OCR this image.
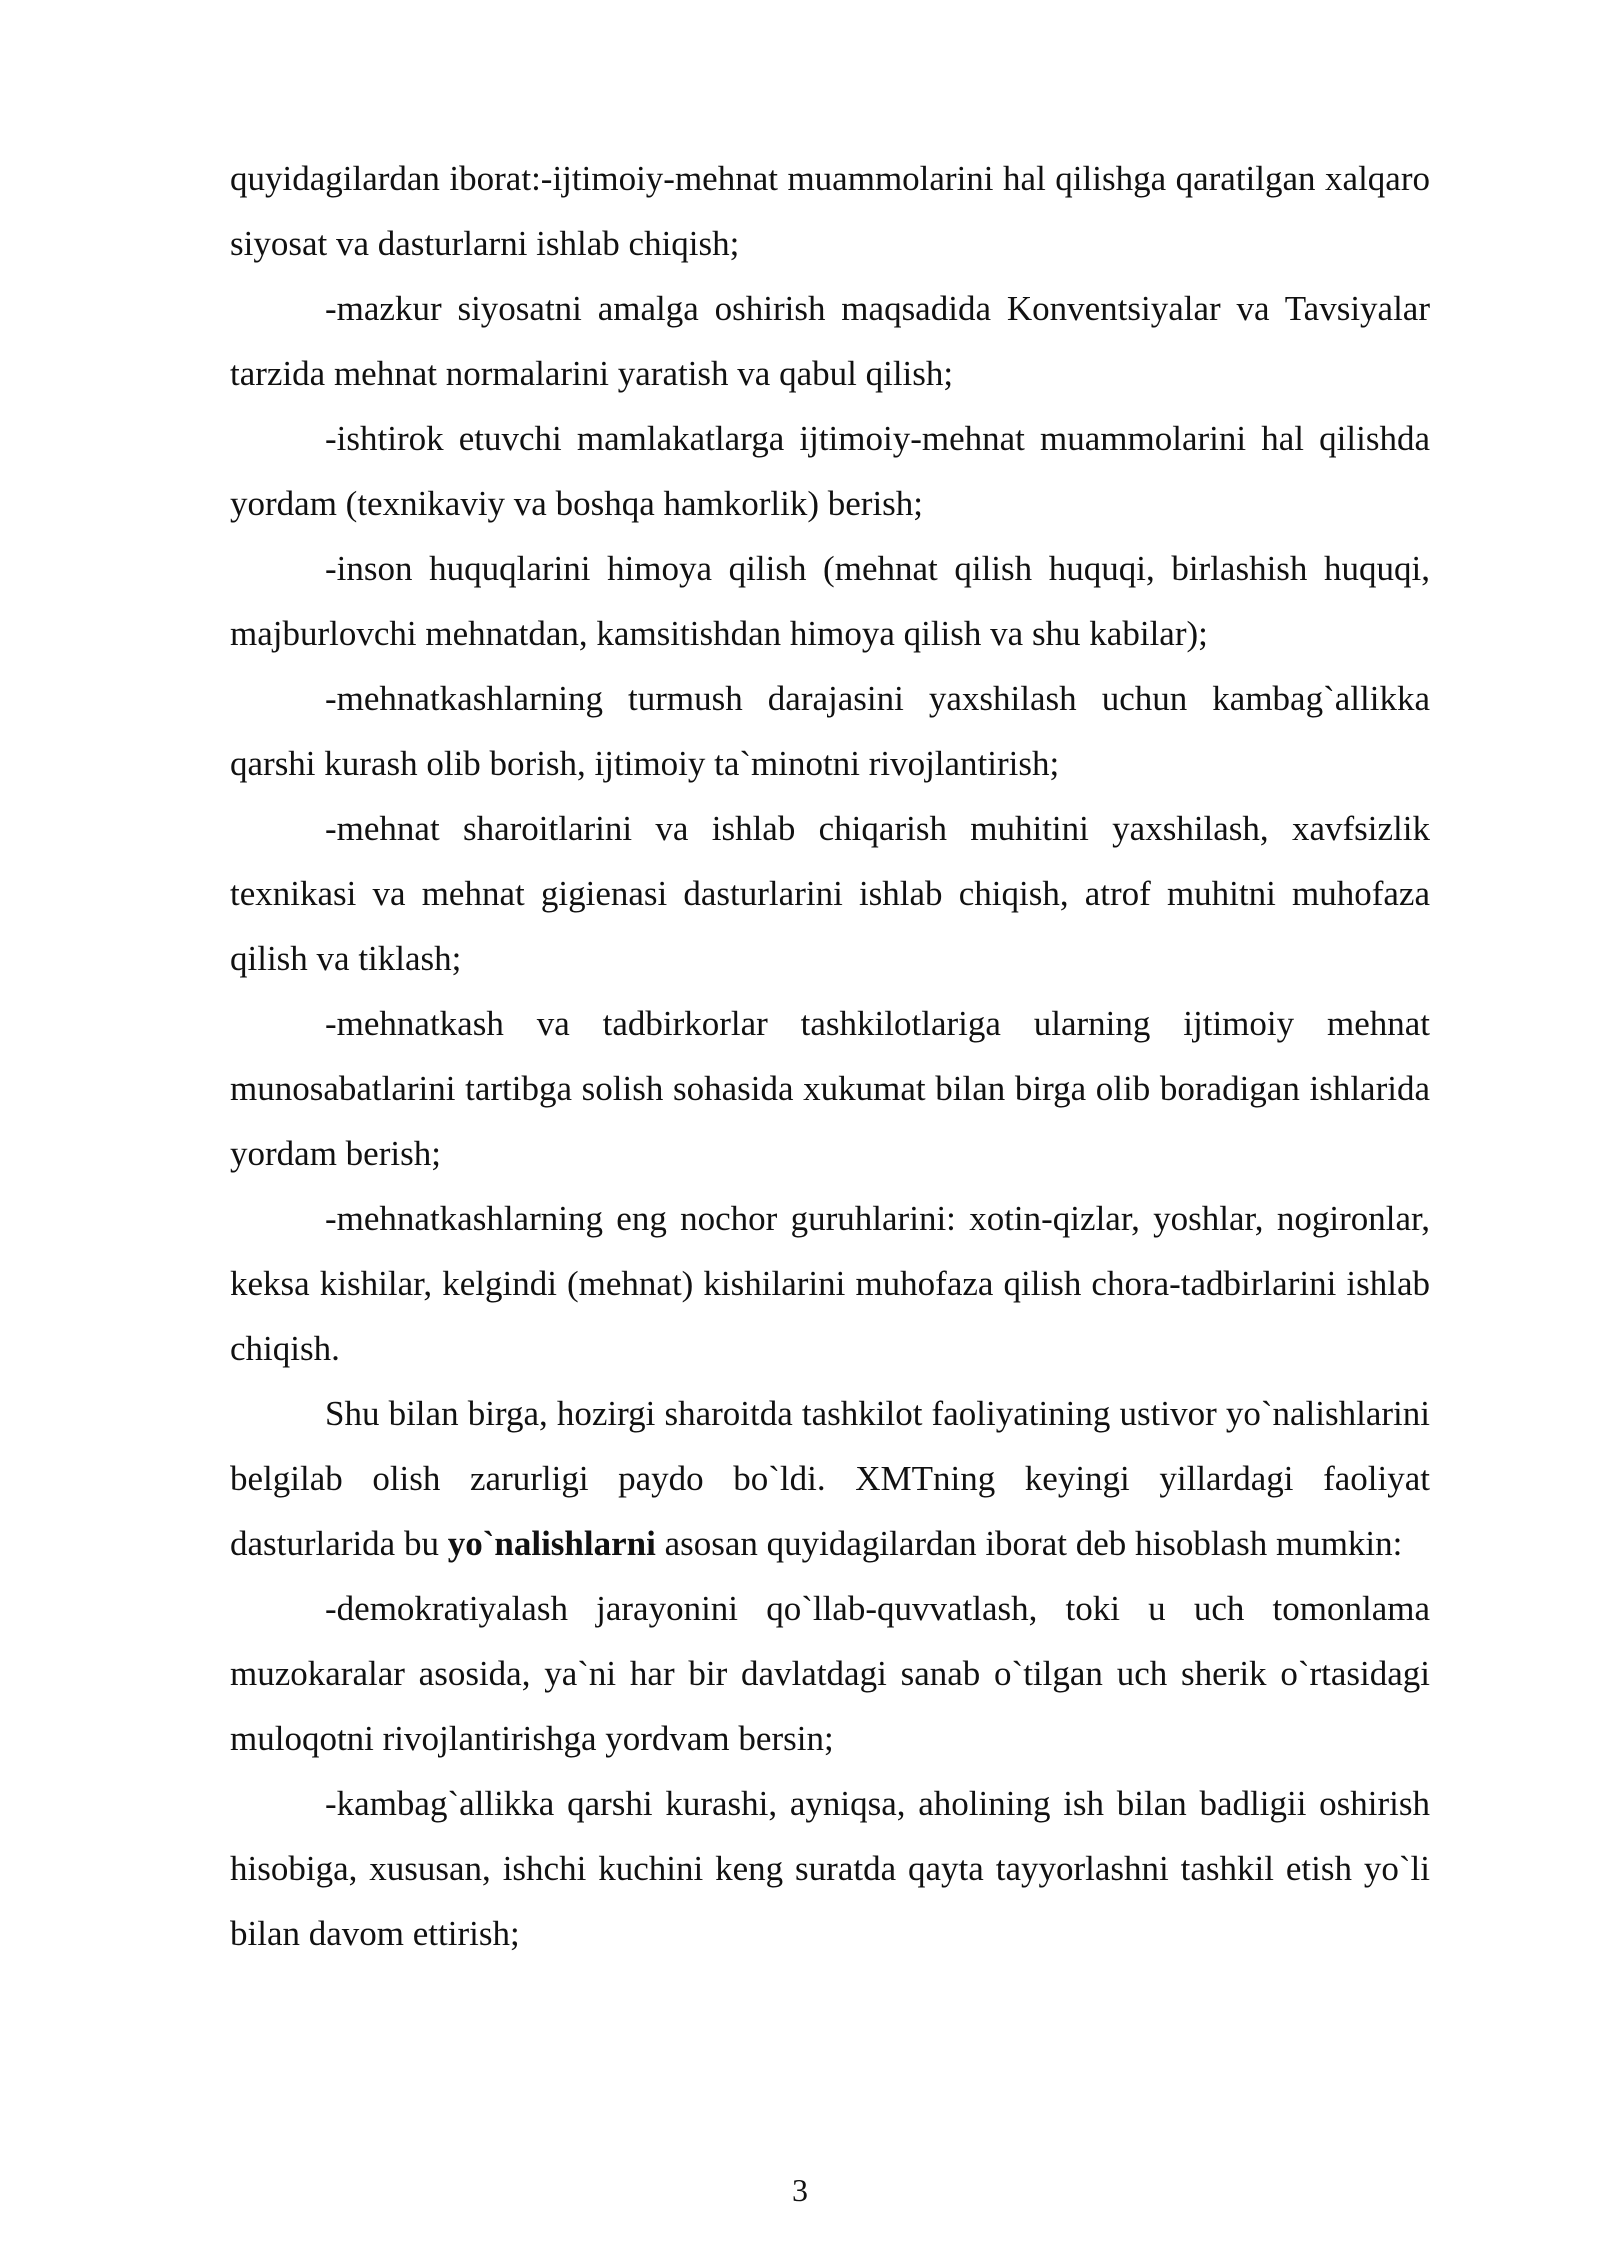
quyidagilardan iborat:-ijtimoiy-mehnat muammolarini hal qilishga qaratilgan xalqaro siyosat va dasturlarni ishlab chiqish;

-mazkur siyosatni amalga oshirish maqsadida Konventsiyalar va Tavsiyalar tarzida mehnat normalarini yaratish va qabul qilish;

-ishtirok etuvchi mamlakatlarga ijtimoiy-mehnat muammolarini hal qilishda yordam (texnikaviy va boshqa hamkorlik) berish;

-inson huquqlarini himoya qilish (mehnat qilish huquqi, birlashish huquqi, majburlovchi mehnatdan, kamsitishdan himoya qilish va shu kabilar);

-mehnatkashlarning turmush darajasini yaxshilash uchun kambag`allikka qarshi kurash olib borish, ijtimoiy ta`minotni rivojlantirish;

-mehnat sharoitlarini va ishlab chiqarish muhitini yaxshilash, xavfsizlik texnikasi va mehnat gigienasi dasturlarini ishlab chiqish, atrof muhitni muhofaza qilish va tiklash;

-mehnatkash va tadbirkorlar tashkilotlariga ularning ijtimoiy mehnat munosabatlarini tartibga solish sohasida xukumat bilan birga olib boradigan ishlarida yordam berish;

-mehnatkashlarning eng nochor guruhlarini: xotin-qizlar, yoshlar, nogironlar, keksa kishilar, kelgindi (mehnat) kishilarini muhofaza qilish chora-tadbirlarini ishlab chiqish.

Shu bilan birga, hozirgi sharoitda tashkilot faoliyatining ustivor yo`nalishlarini belgilab olish zarurligi paydo bo`ldi. XMTning keyingi yillardagi faoliyat dasturlarida bu yo`nalishlarni asosan quyidagilardan iborat deb hisoblash mumkin:

-demokratiyalash jarayonini qo`llab-quvvatlash, toki u uch tomonlama muzokaralar asosida, ya`ni har bir davlatdagi sanab o`tilgan uch sherik o`rtasidagi muloqotni rivojlantirishga yordvam bersin;

-kambag`allikka qarshi kurashi, ayniqsa, aholining ish bilan badligii oshirish hisobiga, xususan, ishchi kuchini keng suratda qayta tayyorlashni tashkil etish yo`li bilan davom ettirish;

3
